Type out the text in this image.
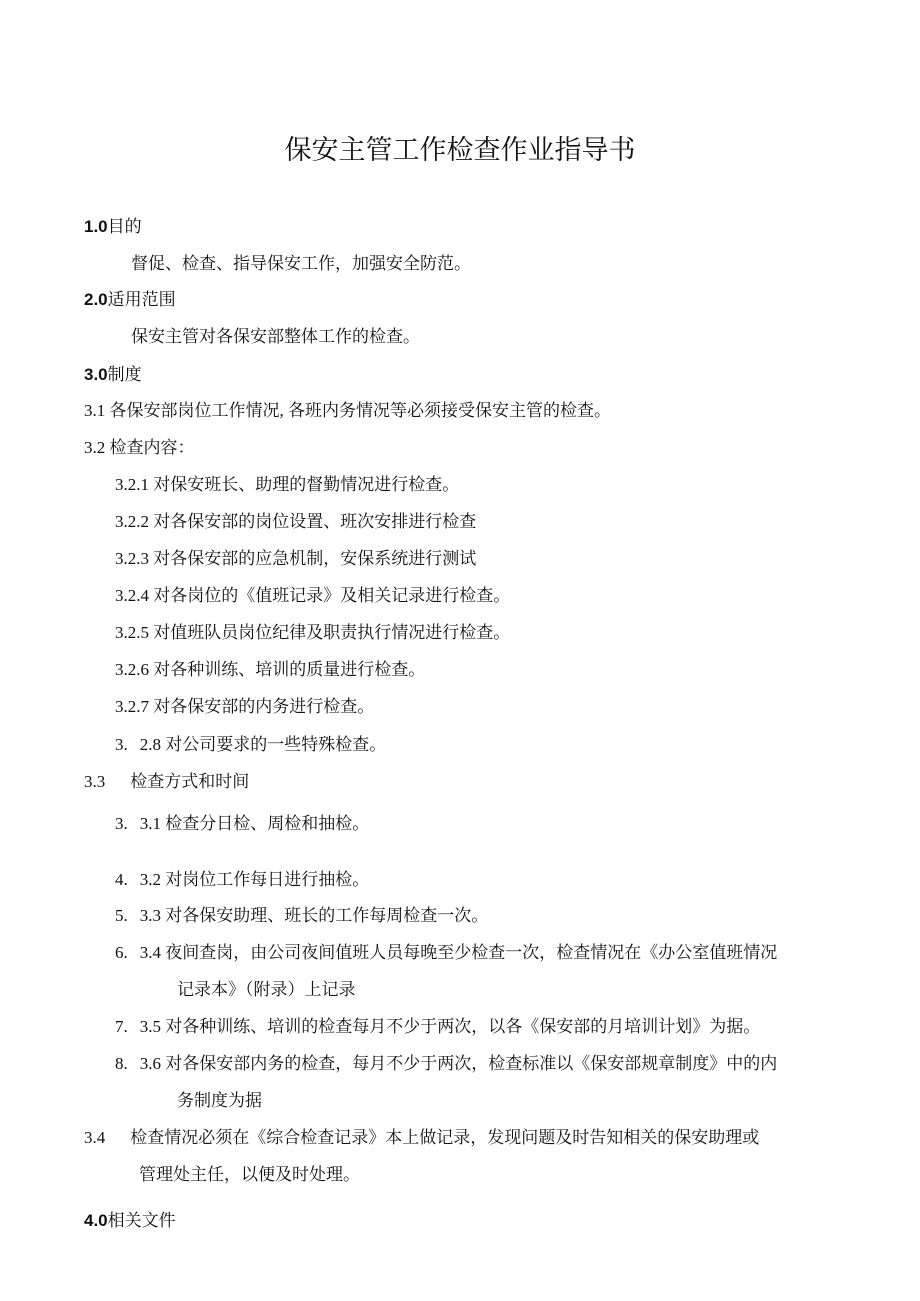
保安主管工作检查作业指导书
1.0目的
督促、检查、指导保安工作，加强安全防范。
2.0适用范围
保安主管对各保安部整体工作的检查。
3.0制度
3.1 各保安部岗位工作情况, 各班内务情况等必须接受保安主管的检查。
3.2 检查内容：
3.2.1 对保安班长、助理的督勤情况进行检查。
3.2.2 对各保安部的岗位设置、班次安排进行检查
3.2.3 对各保安部的应急机制，安保系统进行测试
3.2.4 对各岗位的《值班记录》及相关记录进行检查。
3.2.5 对值班队员岗位纪律及职责执行情况进行检查。
3.2.6 对各种训练、培训的质量进行检查。
3.2.7 对各保安部的内务进行检查。
3. 2.8 对公司要求的一些特殊检查。
3.3 检查方式和时间
3. 3.1 检查分日检、周检和抽检。
4. 3.2 对岗位工作每日进行抽检。
5. 3.3 对各保安助理、班长的工作每周检查一次。
6. 3.4 夜间查岗，由公司夜间值班人员每晚至少检查一次，检查情况在《办公室值班情况
记录本》（附录）上记录
7. 3.5 对各种训练、培训的检查每月不少于两次，以各《保安部的月培训计划》为据。
8. 3.6 对各保安部内务的检查，每月不少于两次，检查标准以《保安部规章制度》中的内
务制度为据
3.4 检查情况必须在《综合检查记录》本上做记录，发现问题及时告知相关的保安助理或
管理处主任，以便及时处理。
4.0相关文件
